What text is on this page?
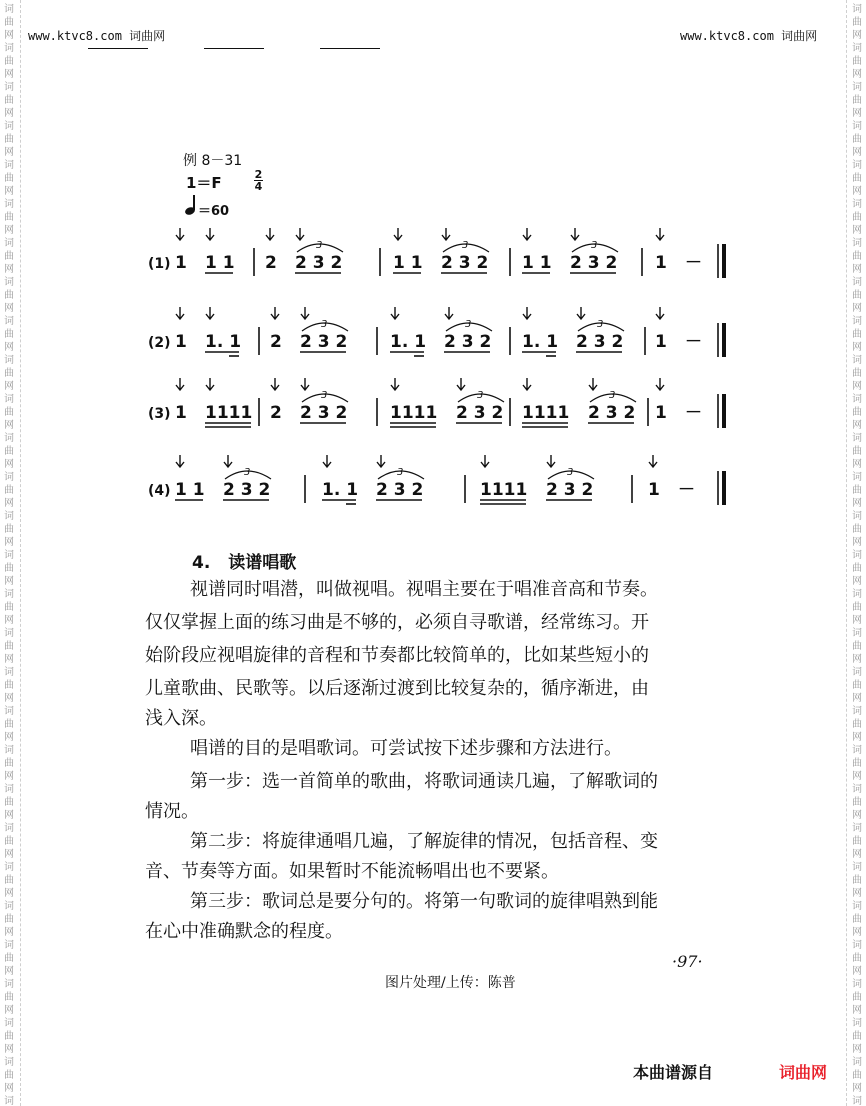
词
曲
网
词
曲
网
词
曲
网
词
曲
网
词
曲
网
词
曲
网
词
曲
网
词
曲
网
词
曲
网
词
曲
网
词
曲
网
词
曲
网
词
曲
网
词
曲
网
词
曲
网
词
曲
网
词
曲
网
词
曲
网
词
曲
网
词
曲
网
词
曲
网
词
曲
网
词
曲
网
词
曲
网
词
曲
网
词
曲
网
词
曲
网
词
曲
网
词
词
曲
网
词
曲
网
词
曲
网
词
曲
网
词
曲
网
词
曲
网
词
曲
网
词
曲
网
词
曲
网
词
曲
网
词
曲
网
词
曲
网
词
曲
网
词
曲
网
词
曲
网
词
曲
网
词
曲
网
词
曲
网
词
曲
网
词
曲
网
词
曲
网
词
曲
网
词
曲
网
词
曲
网
词
曲
网
词
曲
网
词
曲
网
词
曲
网
词
www.ktvc8.com 词曲网	www.ktvc8.com 词曲网
例 8－31
1＝F	2
4
＝60
(1) 1 1 1 2 2 3 2
3
1 1 2 3 2
3
1 1 2 3 2
3
1 －
(2) 1 1. 1 2 2 3 2
3
1. 1 2 3 2
3
1. 1 2 3 2
3
1 －
(3) 1 1111 2 2 3 2
3
1111 2 3 2
3
1111 2 3 2
3
1 －
(4) 1 1 2 3 2
3
1. 1 2 3 2
3
1111 2 3 2
3
1 －
4. 读谱唱歌
视谱同时唱潜，叫做视唱。视唱主要在于唱准音高和节奏。
仅仅掌握上面的练习曲是不够的，必须自寻歌谱，经常练习。开
始阶段应视唱旋律的音程和节奏都比较简单的，比如某些短小的
儿童歌曲、民歌等。以后逐渐过渡到比较复杂的，循序渐进，由
浅入深。
唱谱的目的是唱歌词。可尝试按下述步骤和方法进行。
第一步：选一首简单的歌曲，将歌词通读几遍，了解歌词的
情况。
第二步：将旋律通唱几遍，了解旋律的情况，包括音程、变
音、节奏等方面。如果暂时不能流畅唱出也不要紧。
第三步：歌词总是要分句的。将第一句歌词的旋律唱熟到能
在心中准确默念的程度。
·97·
图片处理/上传：陈普
本曲谱源自	词曲网
